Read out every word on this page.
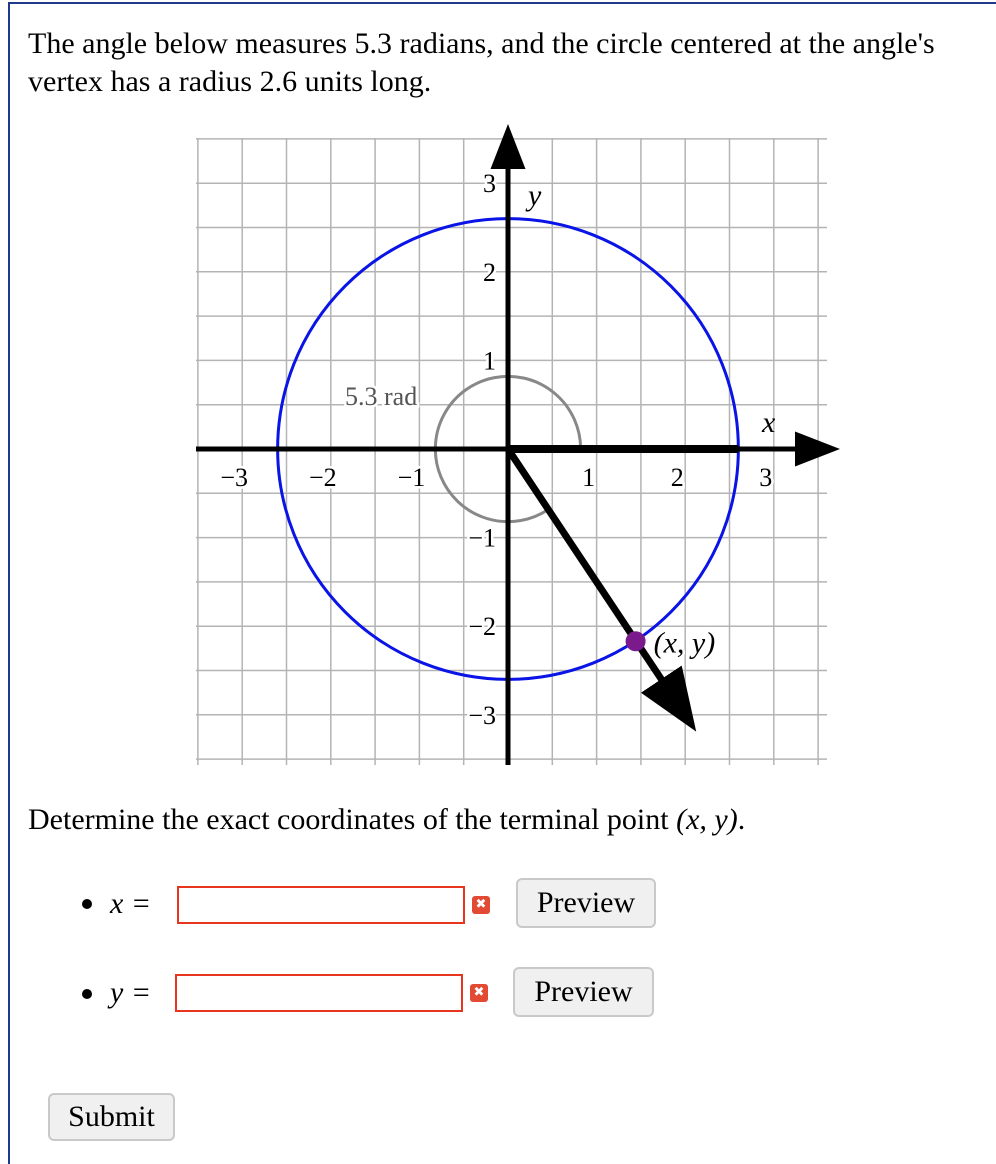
The angle below measures 5.3 radians, and the circle centered at the angle's vertex has a radius 2.6 units long.

−3 −2 −1	1	2	3
3
2
1
−1
−2
−3
5.3 rad
(x, y)
x
y

Determine the exact coordinates of the terminal point (x, y).

x =	✖	Preview
y =	✖	Preview
Submit
